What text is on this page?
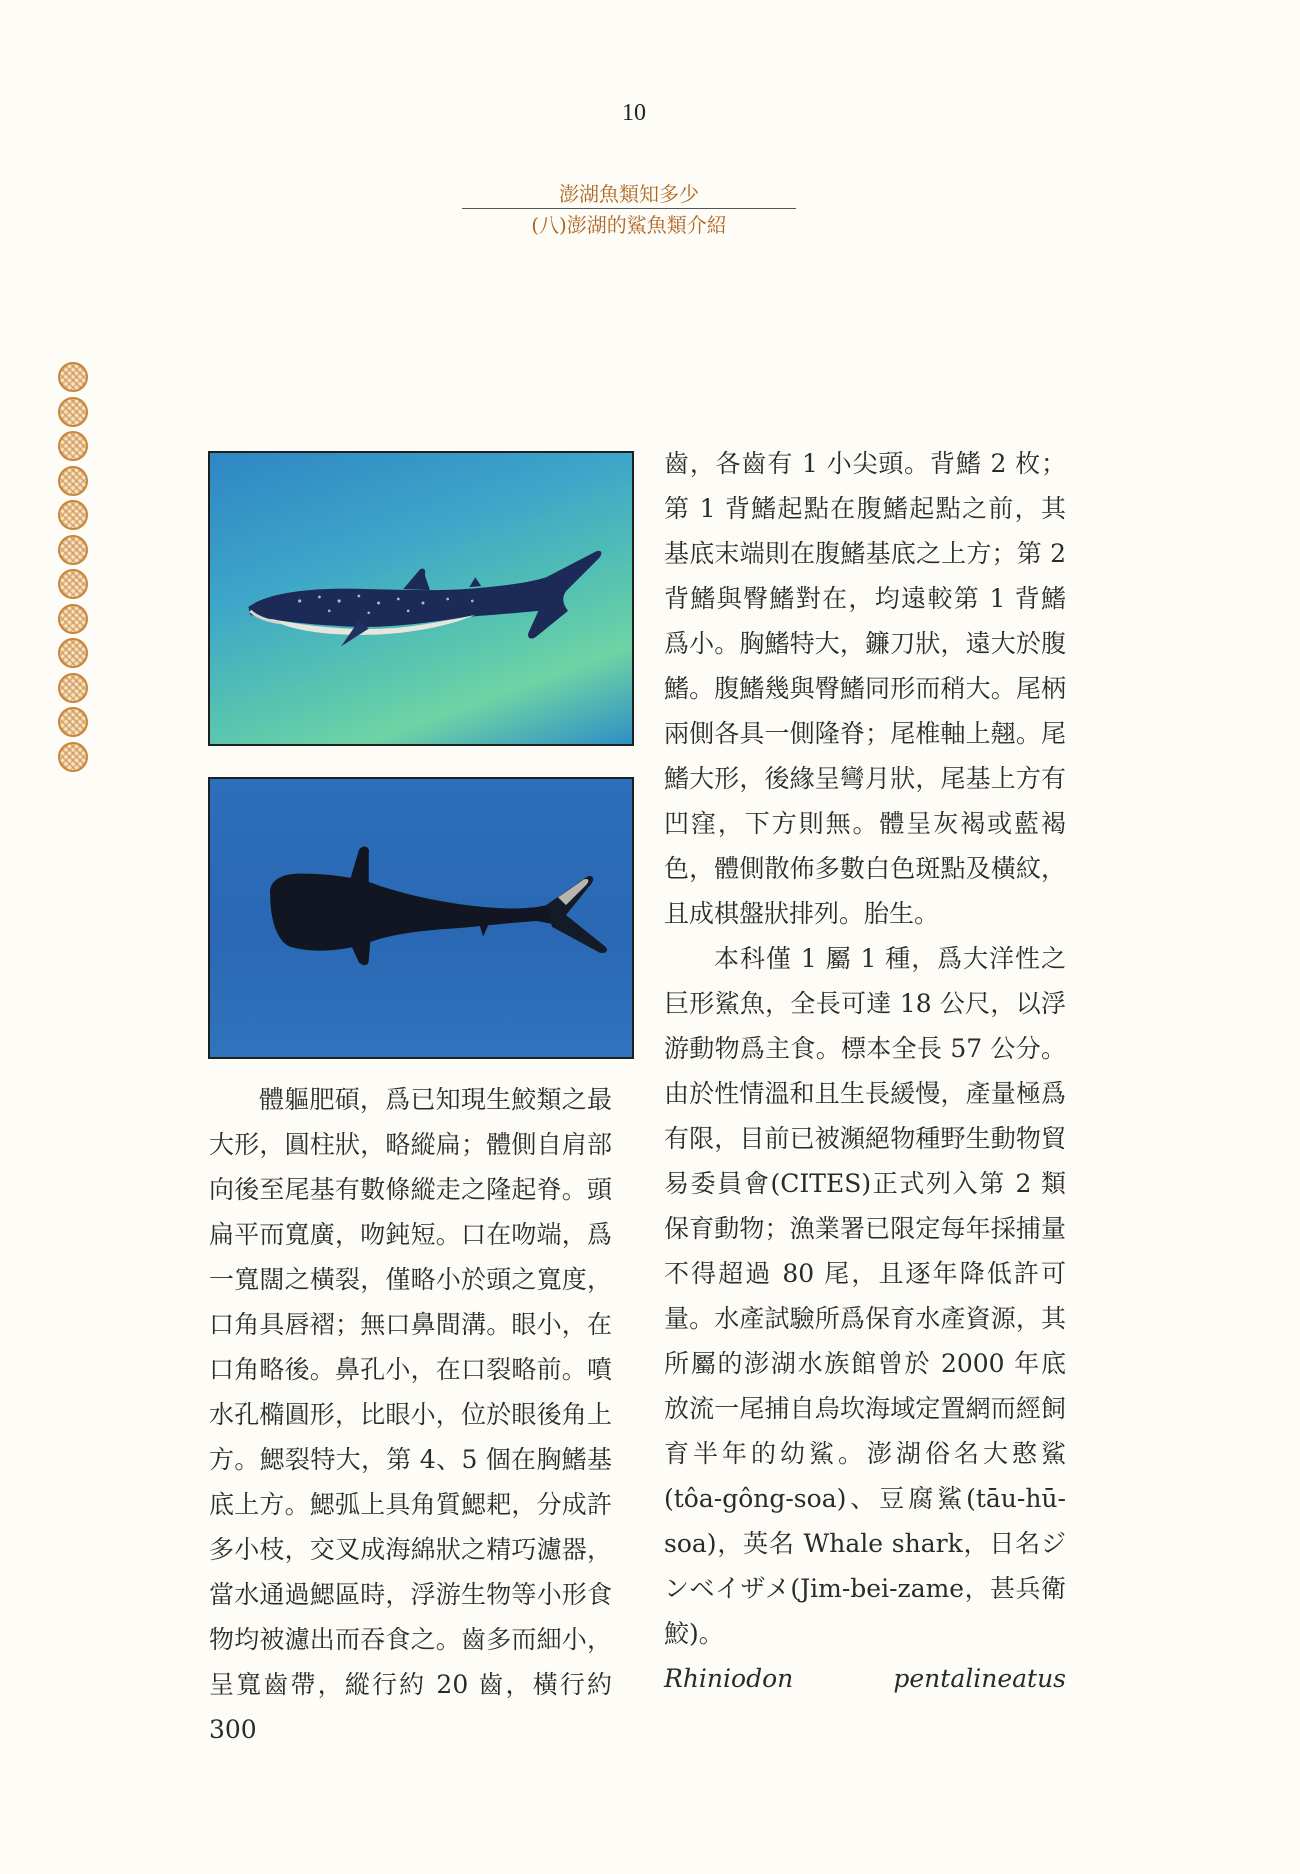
10
澎湖魚類知多少
(八)澎湖的鯊魚類介紹

體軀肥碩，爲已知現生鮫類之最大形，圓柱狀，略縱扁；體側自肩部向後至尾基有數條縱走之隆起脊。頭扁平而寬廣，吻鈍短。口在吻端，爲一寬闊之橫裂，僅略小於頭之寬度，口角具唇褶；無口鼻間溝。眼小，在口角略後。鼻孔小，在口裂略前。噴水孔橢圓形，比眼小，位於眼後角上方。鰓裂特大，第 4、5 個在胸鰭基底上方。鰓弧上具角質鰓耙，分成許多小枝，交叉成海綿狀之精巧濾器，當水通過鰓區時，浮游生物等小形食物均被濾出而吞食之。齒多而細小，呈寬齒帶，縱行約 20 齒，橫行約 300

齒，各齒有 1 小尖頭。背鰭 2 枚；第 1 背鰭起點在腹鰭起點之前，其基底末端則在腹鰭基底之上方；第 2 背鰭與臀鰭對在，均遠較第 1 背鰭爲小。胸鰭特大，鐮刀狀，遠大於腹鰭。腹鰭幾與臀鰭同形而稍大。尾柄兩側各具一側隆脊；尾椎軸上翹。尾鰭大形，後緣呈彎月狀，尾基上方有凹窪，下方則無。體呈灰褐或藍褐色，體側散佈多數白色斑點及橫紋，且成棋盤狀排列。胎生。

本科僅 1 屬 1 種，爲大洋性之巨形鯊魚，全長可達 18 公尺，以浮游動物爲主食。標本全長 57 公分。由於性情溫和且生長緩慢，產量極爲有限，目前已被瀕絕物種野生動物貿易委員會(CITES)正式列入第 2 類保育動物；漁業署已限定每年採捕量不得超過 80 尾，且逐年降低許可量。水產試驗所爲保育水產資源，其所屬的澎湖水族館曾於 2000 年底放流一尾捕自烏坎海域定置網而經飼育半年的幼鯊。澎湖俗名大憨鯊(tôa-gông-soa)、豆腐鯊(tāu-hū-soa)，英名 Whale shark，日名ジンベイザメ(Jim-bei-zame，甚兵衛鮫)。

Rhiniodon pentalineatus
